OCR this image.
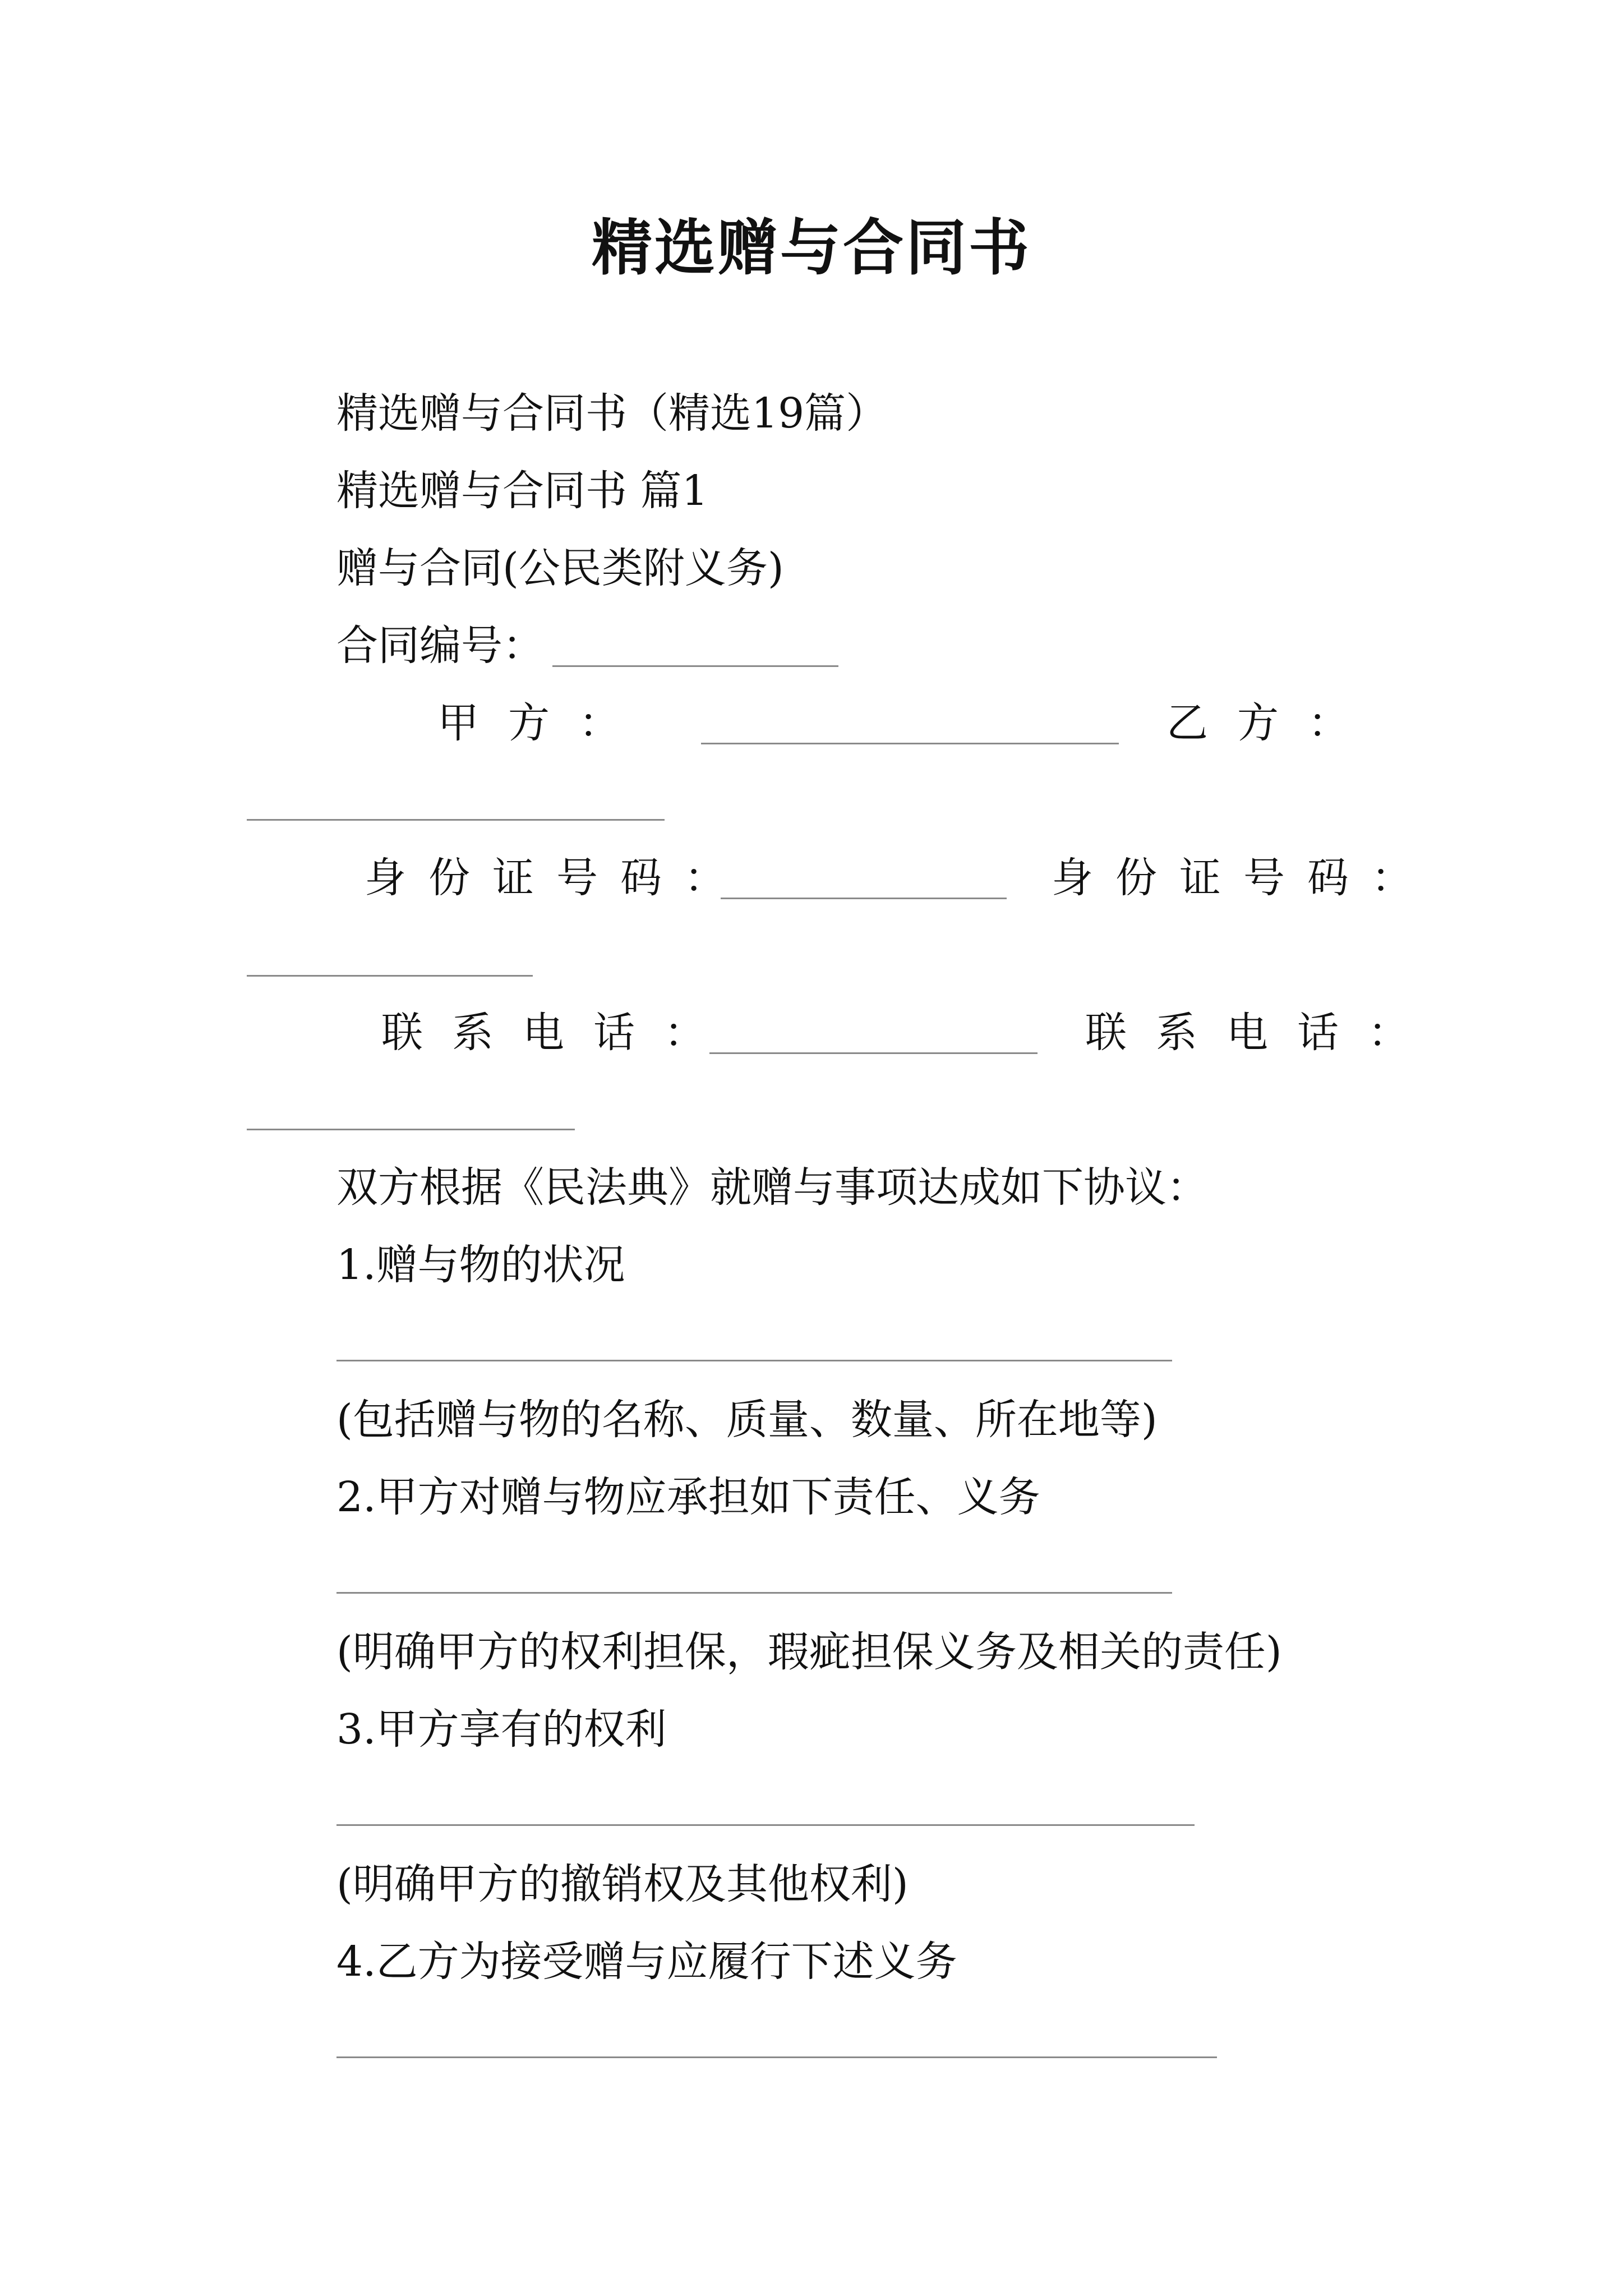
精选赠与合同书
精选赠与合同书（精选19篇）
精选赠与合同书 篇1
赠与合同(公民类附义务)
合同编号：
甲方：	乙方：
身份证号码：	身份证号码：
联系电话：	联系电话：
双方根据《民法典》就赠与事项达成如下协议：
1.赠与物的状况
(包括赠与物的名称、质量、数量、所在地等)
2.甲方对赠与物应承担如下责任、义务
(明确甲方的权利担保，瑕疵担保义务及相关的责任)
3.甲方享有的权利
(明确甲方的撤销权及其他权利)
4.乙方为接受赠与应履行下述义务
